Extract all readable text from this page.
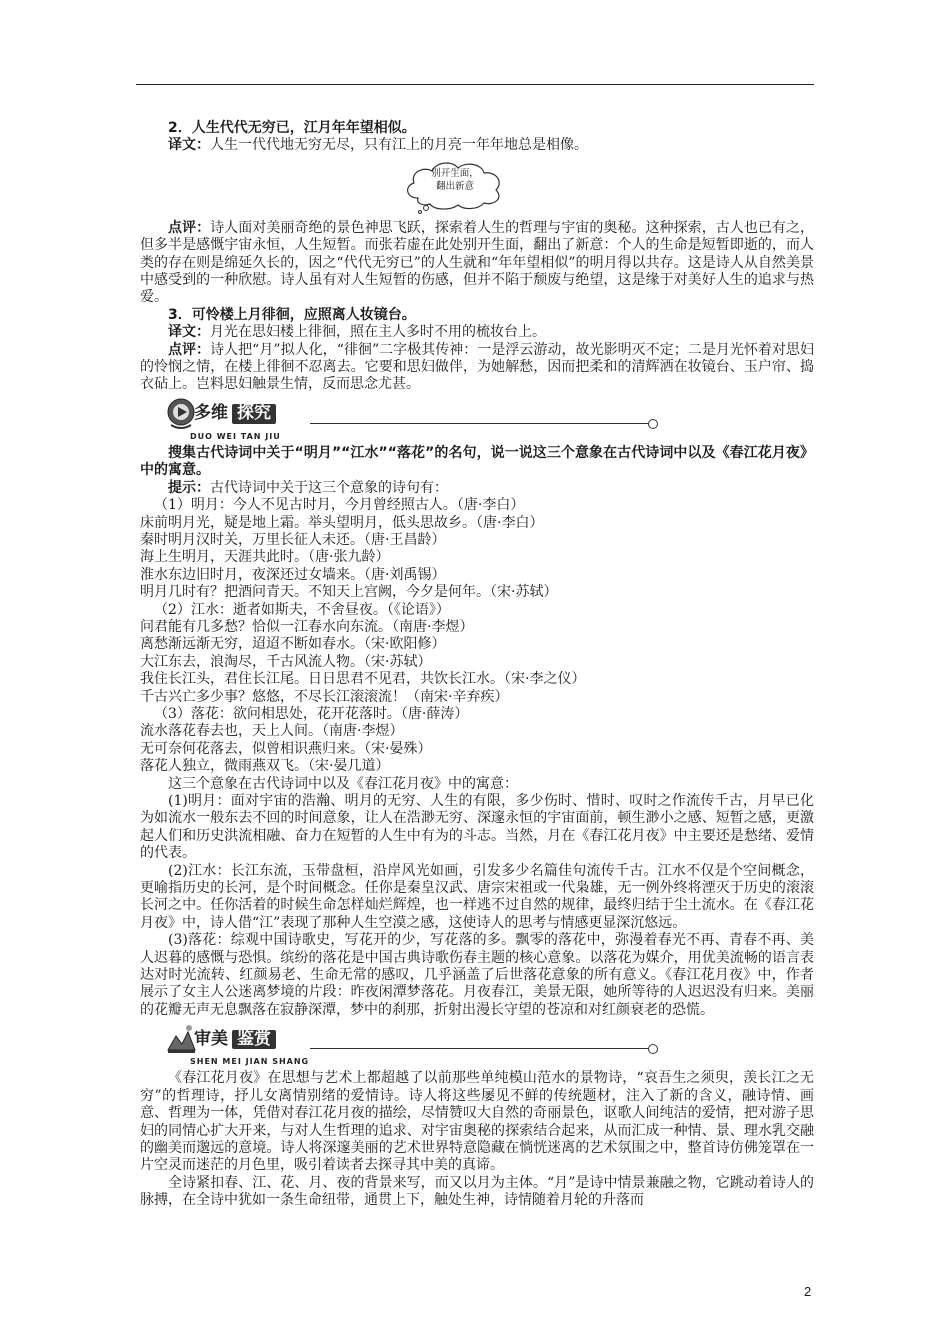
2．人生代代无穷已，江月年年望相似。

译文：人生一代代地无穷无尽，只有江上的月亮一年年地总是相像。

别开生面，
翻出新意

点评：诗人面对美丽奇绝的景色神思飞跃，探索着人生的哲理与宇宙的奥秘。这种探索，古人也已有之，但多半是感慨宇宙永恒，人生短暂。而张若虚在此处别开生面，翻出了新意：个人的生命是短暂即逝的，而人类的存在则是绵延久长的，因之“代代无穷已”的人生就和“年年望相似”的明月得以共存。这是诗人从自然美景中感受到的一种欣慰。诗人虽有对人生短暂的伤感，但并不陷于颓废与绝望，这是缘于对美好人生的追求与热爱。

3．可怜楼上月徘徊，应照离人妆镜台。

译文：月光在思妇楼上徘徊，照在主人多时不用的梳妆台上。

点评：诗人把“月”拟人化，“徘徊”二字极其传神：一是浮云游动，故光影明灭不定；二是月光怀着对思妇的怜悯之情，在楼上徘徊不忍离去。它要和思妇做伴，为她解愁，因而把柔和的清辉洒在妆镜台、玉户帘、捣衣砧上。岂料思妇触景生情，反而思念尤甚。

多维 探究
DUO WEI TAN JIU

搜集古代诗词中关于“明月”“江水”“落花”的名句，说一说这三个意象在古代诗词中以及《春江花月夜》中的寓意。

提示：古代诗词中关于这三个意象的诗句有：

（1）明月：今人不见古时月，今月曾经照古人。（唐·李白）

床前明月光，疑是地上霜。举头望明月，低头思故乡。（唐·李白）

秦时明月汉时关，万里长征人未还。（唐·王昌龄）

海上生明月，天涯共此时。（唐·张九龄）

淮水东边旧时月，夜深还过女墙来。（唐·刘禹锡）

明月几时有？把酒问青天。不知天上宫阙，今夕是何年。（宋·苏轼）

（2）江水：逝者如斯夫，不舍昼夜。（《论语》）

问君能有几多愁？恰似一江春水向东流。（南唐·李煜）

离愁渐远渐无穷，迢迢不断如春水。（宋·欧阳修）

大江东去，浪淘尽，千古风流人物。（宋·苏轼）

我住长江头，君住长江尾。日日思君不见君，共饮长江水。（宋·李之仪）

千古兴亡多少事？悠悠，不尽长江滚滚流！（南宋·辛弃疾）

（3）落花：欲问相思处，花开花落时。（唐·薛涛）

流水落花春去也，天上人间。（南唐·李煜）

无可奈何花落去，似曾相识燕归来。（宋·晏殊）

落花人独立，微雨燕双飞。（宋·晏几道）

这三个意象在古代诗词中以及《春江花月夜》中的寓意：

(1)明月：面对宇宙的浩瀚、明月的无穷、人生的有限，多少伤时、惜时、叹时之作流传千古，月早已化为如流水一般东去不回的时间意象，让人在浩渺无穷、深邃永恒的宇宙面前，顿生渺小之感、短暂之感，更激起人们和历史洪流相融、奋力在短暂的人生中有为的斗志。当然，月在《春江花月夜》中主要还是愁绪、爱情的代表。

(2)江水：长江东流，玉带盘桓，沿岸风光如画，引发多少名篇佳句流传千古。江水不仅是个空间概念，更喻指历史的长河，是个时间概念。任你是秦皇汉武、唐宗宋祖或一代枭雄，无一例外终将湮灭于历史的滚滚长河之中。任你活着的时候生命怎样灿烂辉煌，也一样逃不过自然的规律，最终归结于尘土流水。在《春江花月夜》中，诗人借“江”表现了那种人生空漠之感，这使诗人的思考与情感更显深沉悠远。

(3)落花：综观中国诗歌史，写花开的少，写花落的多。飘零的落花中，弥漫着春光不再、青春不再、美人迟暮的感慨与恐惧。缤纷的落花是中国古典诗歌伤春主题的核心意象。以落花为媒介，用优美流畅的语言表达对时光流转、红颜易老、生命无常的感叹，几乎涵盖了后世落花意象的所有意义。《春江花月夜》中，作者展示了女主人公迷离梦境的片段：昨夜闲潭梦落花。月夜春江，美景无限，她所等待的人迟迟没有归来。美丽的花瓣无声无息飘落在寂静深潭，梦中的刹那，折射出漫长守望的苍凉和对红颜衰老的恐慌。

审美 鉴赏
SHEN MEI JIAN SHANG

《春江花月夜》在思想与艺术上都超越了以前那些单纯模山范水的景物诗，“哀吾生之须臾，羡长江之无穷”的哲理诗，抒儿女离情别绪的爱情诗。诗人将这些屡见不鲜的传统题材，注入了新的含义，融诗情、画意、哲理为一体，凭借对春江花月夜的描绘，尽情赞叹大自然的奇丽景色，讴歌人间纯洁的爱情，把对游子思妇的同情心扩大开来，与对人生哲理的追求、对宇宙奥秘的探索结合起来，从而汇成一种情、景、理水乳交融的幽美而邈远的意境。诗人将深邃美丽的艺术世界特意隐藏在惝恍迷离的艺术氛围之中，整首诗仿佛笼罩在一片空灵而迷茫的月色里，吸引着读者去探寻其中美的真谛。

全诗紧扣春、江、花、月、夜的背景来写，而又以月为主体。“月”是诗中情景兼融之物，它跳动着诗人的脉搏，在全诗中犹如一条生命纽带，通贯上下，触处生神，诗情随着月轮的升落而

2
